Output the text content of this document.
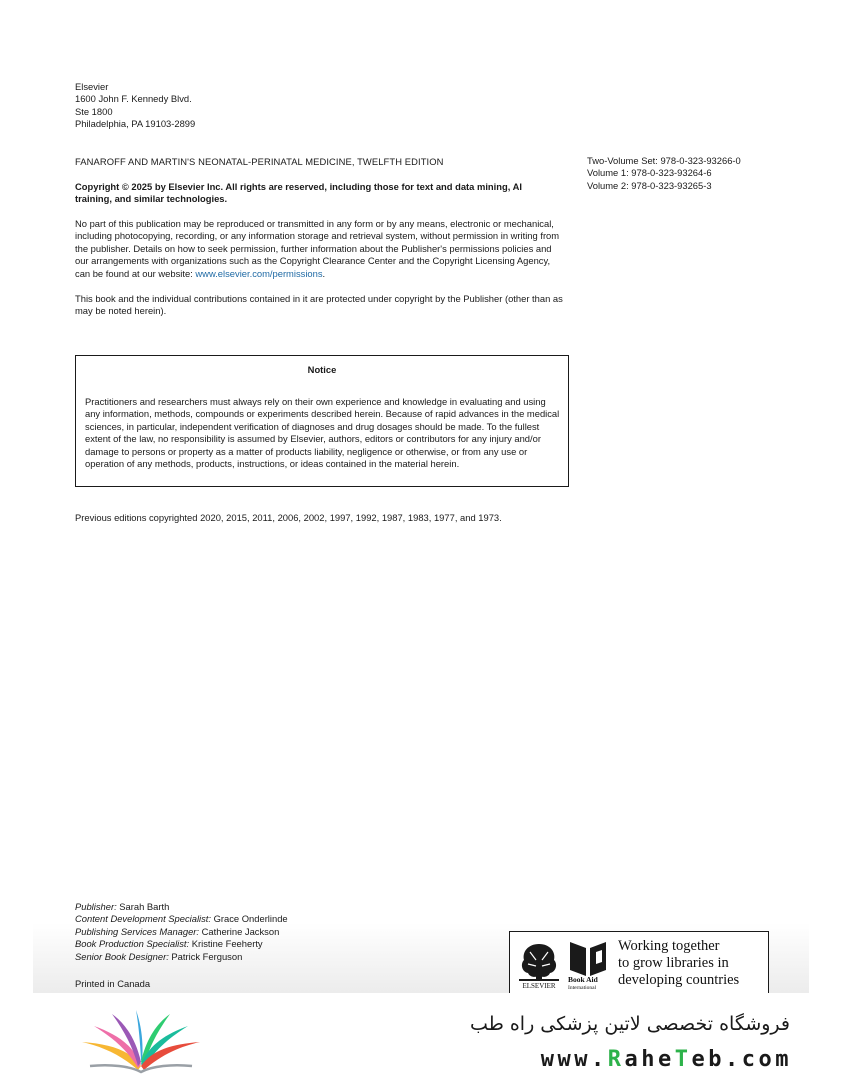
Elsevier
1600 John F. Kennedy Blvd.
Ste 1800
Philadelphia, PA 19103-2899

FANAROFF AND MARTIN'S NEONATAL-PERINATAL MEDICINE, TWELFTH EDITION	Two-Volume Set: 978-0-323-93266-0
Volume 1: 978-0-323-93264-6
Volume 2: 978-0-323-93265-3

Copyright © 2025 by Elsevier Inc. All rights are reserved, including those for text and data mining, AI training, and similar technologies.

No part of this publication may be reproduced or transmitted in any form or by any means, electronic or mechanical, including photocopying, recording, or any information storage and retrieval system, without permission in writing from the publisher. Details on how to seek permission, further information about the Publisher's permissions policies and our arrangements with organizations such as the Copyright Clearance Center and the Copyright Licensing Agency, can be found at our website: www.elsevier.com/permissions.

This book and the individual contributions contained in it are protected under copyright by the Publisher (other than as may be noted herein).

Notice

Practitioners and researchers must always rely on their own experience and knowledge in evaluating and using any information, methods, compounds or experiments described herein. Because of rapid advances in the medical sciences, in particular, independent verification of diagnoses and drug dosages should be made. To the fullest extent of the law, no responsibility is assumed by Elsevier, authors, editors or contributors for any injury and/or damage to persons or property as a matter of products liability, negligence or otherwise, or from any use or operation of any methods, products, instructions, or ideas contained in the material herein.

Previous editions copyrighted 2020, 2015, 2011, 2006, 2002, 1997, 1992, 1987, 1983, 1977, and 1973.

Publisher: Sarah Barth
Content Development Specialist: Grace Onderlinde
Publishing Services Manager: Catherine Jackson
Book Production Specialist: Kristine Feeherty
Senior Book Designer: Patrick Ferguson

Printed in Canada	ELSEVIER
Book Aid
International
Working together
to grow libraries in
developing countries
فروشگاه تخصصی لاتین پزشکی راه طب
www.RaheTeb.com
